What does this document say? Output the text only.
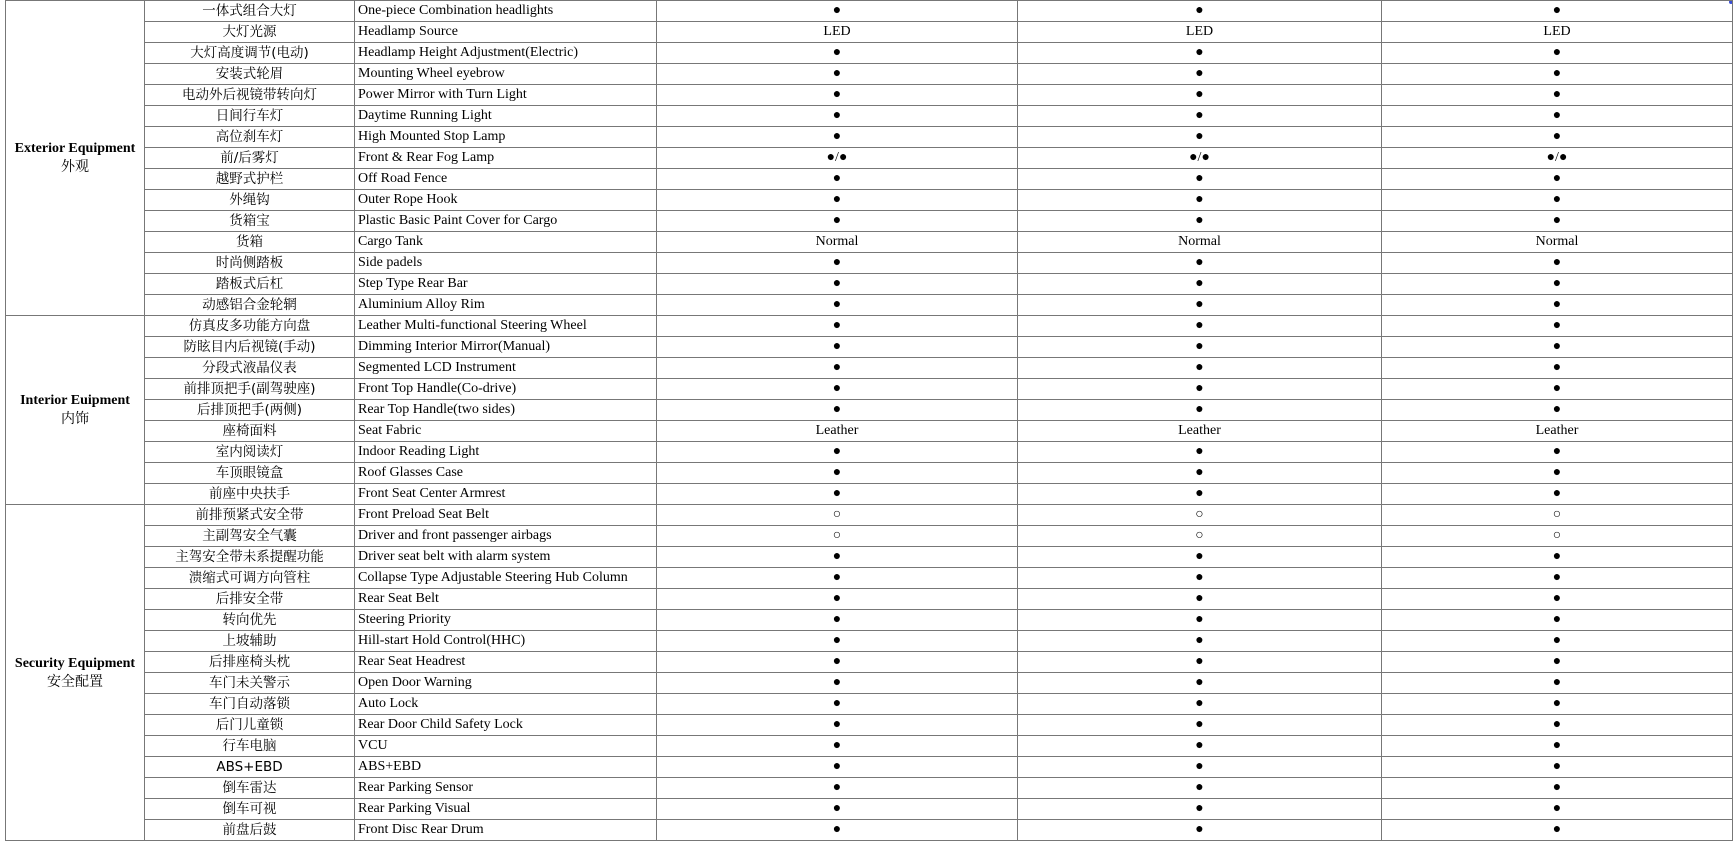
Exterior Equipment
外观	一体式组合大灯	One-piece Combination headlights	●	●	●
	大灯光源	Headlamp Source	LED	LED	LED
	大灯高度调节(电动)	Headlamp Height Adjustment(Electric)	●	●	●
	安装式轮眉	Mounting Wheel eyebrow	●	●	●
	电动外后视镜带转向灯	Power Mirror with Turn Light	●	●	●
	日间行车灯	Daytime Running Light	●	●	●
	高位刹车灯	High Mounted Stop Lamp	●	●	●
	前/后雾灯	Front & Rear Fog Lamp	●/●	●/●	●/●
	越野式护栏	Off Road Fence	●	●	●
	外绳钩	Outer Rope Hook	●	●	●
	货箱宝	Plastic Basic Paint Cover for Cargo	●	●	●
	货箱	Cargo Tank	Normal	Normal	Normal
	时尚侧踏板	Side padels	●	●	●
	踏板式后杠	Step Type Rear Bar	●	●	●
	动感铝合金轮辋	Aluminium Alloy Rim	●	●	●

Interior Euipment
内饰	仿真皮多功能方向盘	Leather Multi-functional Steering Wheel	●	●	●
	防眩目内后视镜(手动)	Dimming Interior Mirror(Manual)	●	●	●
	分段式液晶仪表	Segmented LCD Instrument	●	●	●
	前排顶把手(副驾驶座)	Front Top Handle(Co-drive)	●	●	●
	后排顶把手(两侧)	Rear Top Handle(two sides)	●	●	●
	座椅面料	Seat Fabric	Leather	Leather	Leather
	室内阅读灯	Indoor Reading Light	●	●	●
	车顶眼镜盒	Roof Glasses Case	●	●	●
	前座中央扶手	Front Seat Center Armrest	●	●	●

Security Equipment
安全配置	前排预紧式安全带	Front Preload Seat Belt	○	○	○
	主副驾安全气囊	Driver and front passenger airbags	○	○	○
	主驾安全带未系提醒功能	Driver seat belt with alarm system	●	●	●
	溃缩式可调方向管柱	Collapse Type Adjustable Steering Hub Column	●	●	●
	后排安全带	Rear Seat Belt	●	●	●
	转向优先	Steering Priority	●	●	●
	上坡辅助	Hill-start Hold Control(HHC)	●	●	●
	后排座椅头枕	Rear Seat Headrest	●	●	●
	车门未关警示	Open Door Warning	●	●	●
	车门自动落锁	Auto Lock	●	●	●
	后门儿童锁	Rear Door Child Safety Lock	●	●	●
	行车电脑	VCU	●	●	●
	ABS+EBD	ABS+EBD	●	●	●
	倒车雷达	Rear Parking Sensor	●	●	●
	倒车可视	Rear Parking Visual	●	●	●
	前盘后鼓	Front Disc Rear Drum	●	●	●
